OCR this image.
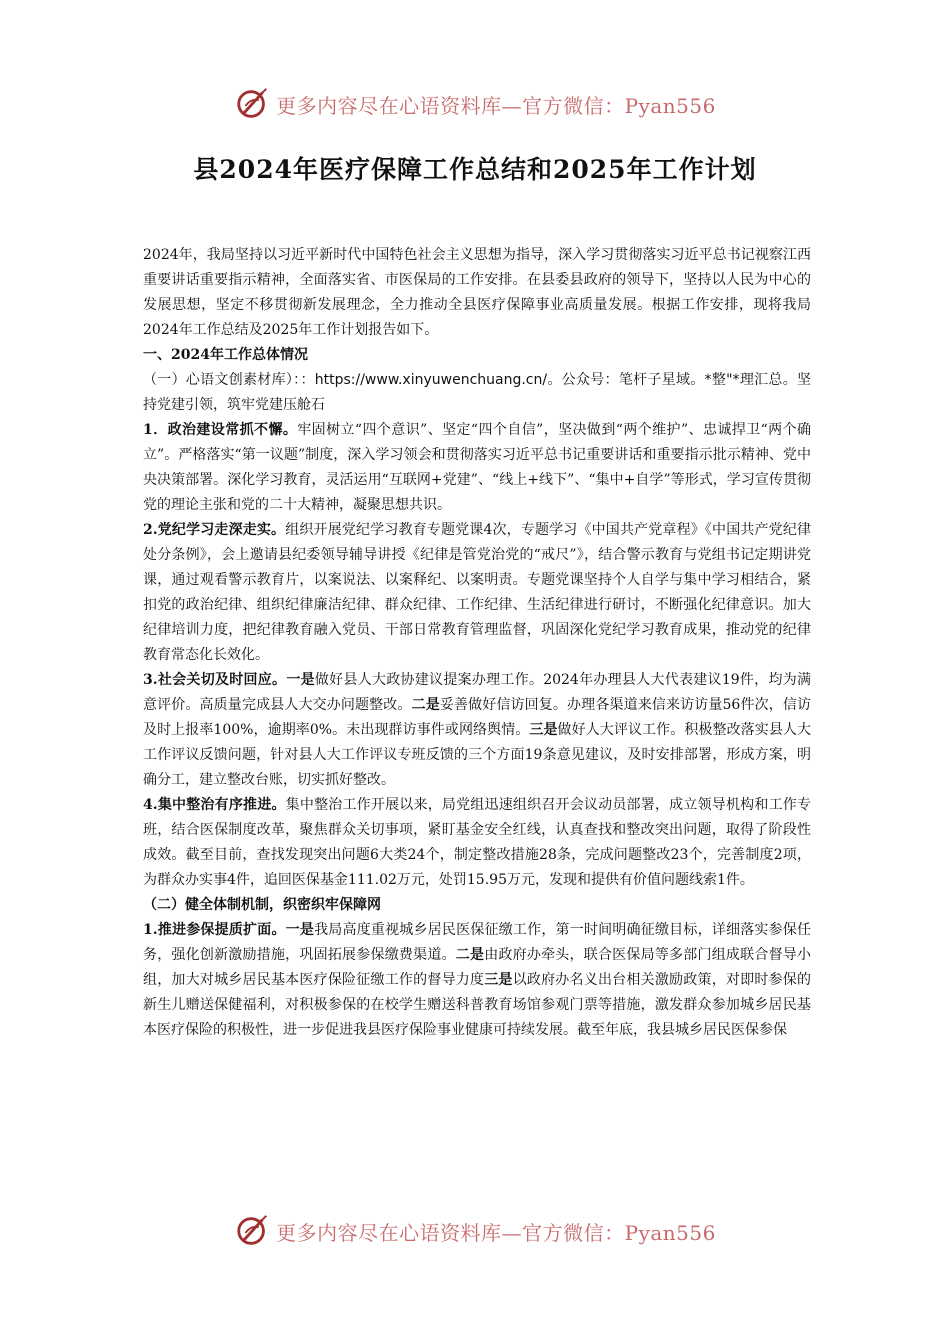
更多内容尽在心语资料库—官方微信：Pyan556
县2024年医疗保障工作总结和2025年工作计划

2024年，我局坚持以习近平新时代中国特色社会主义思想为指导，深入学习贯彻落实习近平总书记视察江西重要讲话重要指示精神，全面落实省、市医保局的工作安排。在县委县政府的领导下，坚持以人民为中心的发展思想，坚定不移贯彻新发展理念，全力推动全县医疗保障事业高质量发展。根据工作安排，现将我局2024年工作总结及2025年工作计划报告如下。

一、2024年工作总体情况

（一）心语文创素材库）：：https://www.xinyuwenchuang.cn/。公众号：笔杆子星域。*整"*理汇总。坚持党建引领，筑牢党建压舱石

1．政治建设常抓不懈。牢固树立“四个意识”、坚定“四个自信”，坚决做到“两个维护”、忠诚捍卫“两个确立”。严格落实“第一议题”制度，深入学习领会和贯彻落实习近平总书记重要讲话和重要指示批示精神、党中央决策部署。深化学习教育，灵活运用“互联网+党建”、“线上+线下”、“集中+自学”等形式，学习宣传贯彻党的理论主张和党的二十大精神，凝聚思想共识。

2.党纪学习走深走实。组织开展党纪学习教育专题党课4次，专题学习《中国共产党章程》《中国共产党纪律处分条例》，会上邀请县纪委领导辅导讲授《纪律是管党治党的“戒尺”》，结合警示教育与党组书记定期讲党课，通过观看警示教育片，以案说法、以案释纪、以案明责。专题党课坚持个人自学与集中学习相结合，紧扣党的政治纪律、组织纪律廉洁纪律、群众纪律、工作纪律、生活纪律进行研讨，不断强化纪律意识。加大纪律培训力度，把纪律教育融入党员、干部日常教育管理监督，巩固深化党纪学习教育成果，推动党的纪律教育常态化长效化。

3.社会关切及时回应。一是做好县人大政协建议提案办理工作。2024年办理县人大代表建议19件，均为满意评价。高质量完成县人大交办问题整改。二是妥善做好信访回复。办理各渠道来信来访访量56件次，信访及时上报率100%，逾期率0%。未出现群访事件或网络舆情。三是做好人大评议工作。积极整改落实县人大工作评议反馈问题，针对县人大工作评议专班反馈的三个方面19条意见建议，及时安排部署，形成方案，明确分工，建立整改台账，切实抓好整改。

4.集中整治有序推进。集中整治工作开展以来，局党组迅速组织召开会议动员部署，成立领导机构和工作专班，结合医保制度改革，聚焦群众关切事项，紧盯基金安全红线，认真查找和整改突出问题，取得了阶段性成效。截至目前，查找发现突出问题6大类24个，制定整改措施28条，完成问题整改23个，完善制度2项，为群众办实事4件，追回医保基金111.02万元，处罚15.95万元，发现和提供有价值问题线索1件。

（二）健全体制机制，织密织牢保障网

1.推进参保提质扩面。一是我局高度重视城乡居民医保征缴工作，第一时间明确征缴目标，详细落实参保任务，强化创新激励措施，巩固拓展参保缴费渠道。二是由政府办牵头，联合医保局等多部门组成联合督导小组，加大对城乡居民基本医疗保险征缴工作的督导力度三是以政府办名义出台相关激励政策，对即时参保的新生儿赠送保健福利，对积极参保的在校学生赠送科普教育场馆参观门票等措施，激发群众参加城乡居民基本医疗保险的积极性，进一步促进我县医疗保险事业健康可持续发展。截至年底，我县城乡居民医保参保

更多内容尽在心语资料库—官方微信：Pyan556
